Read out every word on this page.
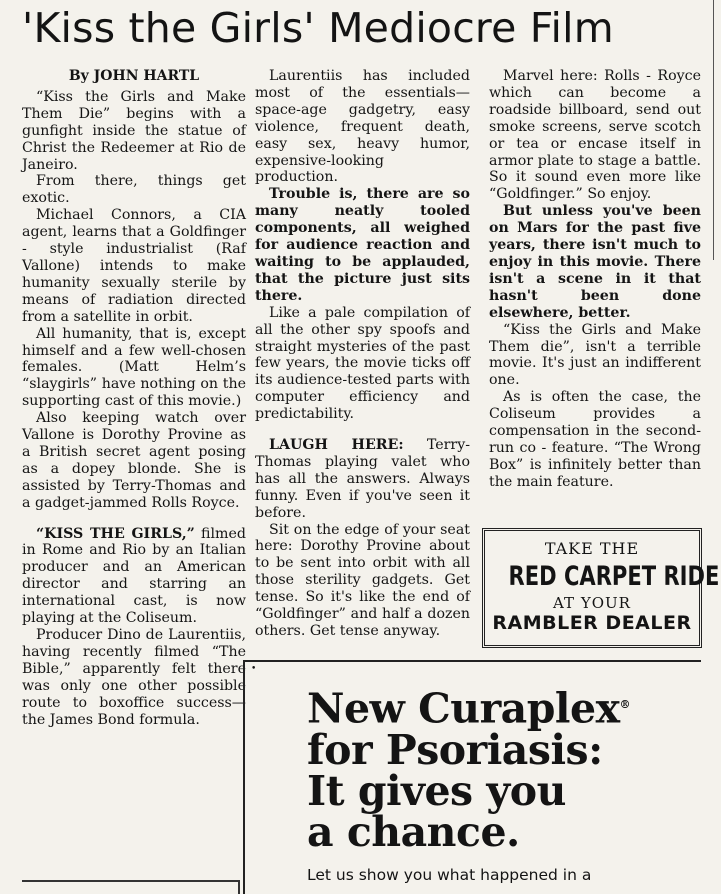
'Kiss the Girls' Mediocre Film
By JOHN HARTL

“Kiss the Girls and Make Them Die” begins with a gunfight inside the statue of Christ the Redeemer at Rio de Janeiro.

From there, things get exotic.

Michael Connors, a CIA agent, learns that a Goldfinger - style industrialist (Raf Vallone) intends to make humanity sexually sterile by means of radiation directed from a satellite in orbit.

All humanity, that is, except himself and a few well-chosen females. (Matt Helm’s “slaygirls” have nothing on the supporting cast of this movie.)

Also keeping watch over Vallone is Dorothy Provine as a British secret agent posing as a dopey blonde. She is assisted by Terry-Thomas and a gadget-jammed Rolls Royce.

“KISS THE GIRLS,” filmed in Rome and Rio by an Italian producer and an American director and starring an international cast, is now playing at the Coliseum.

Producer Dino de Laurentiis, having recently filmed “The Bible,” apparently felt there was only one other possible route to boxoffice success—the James Bond formula.

Laurentiis has included most of the essentials—space-age gadgetry, easy violence, frequent death, easy sex, heavy humor, expensive-looking production.

Trouble is, there are so many neatly tooled components, all weighed for audience reaction and waiting to be applauded, that the picture just sits there.

Like a pale compilation of all the other spy spoofs and straight mysteries of the past few years, the movie ticks off its audience-tested parts with computer efficiency and predictability.

LAUGH HERE: Terry-Thomas playing valet who has all the answers. Always funny. Even if you've seen it before.

Sit on the edge of your seat here: Dorothy Provine about to be sent into orbit with all those sterility gadgets. Get tense. So it's like the end of “Goldfinger” and half a dozen others. Get tense anyway.

Marvel here: Rolls - Royce which can become a roadside billboard, send out smoke screens, serve scotch or tea or encase itself in armor plate to stage a battle. So it sound even more like “Goldfinger.” So enjoy.

But unless you've been on Mars for the past five years, there isn't much to enjoy in this movie. There isn't a scene in it that hasn't been done elsewhere, better.

“Kiss the Girls and Make Them die”, isn't a terrible movie. It's just an indifferent one.

As is often the case, the Coliseum provides a compensation in the second-run co - feature. “The Wrong Box” is infinitely better than the main feature.

TAKE THE
RED CARPET RIDE
AT YOUR
RAMBLER DEALER
•
New Curaplex®
for Psoriasis:
It gives you
a chance.
Let us show you what happened in a
